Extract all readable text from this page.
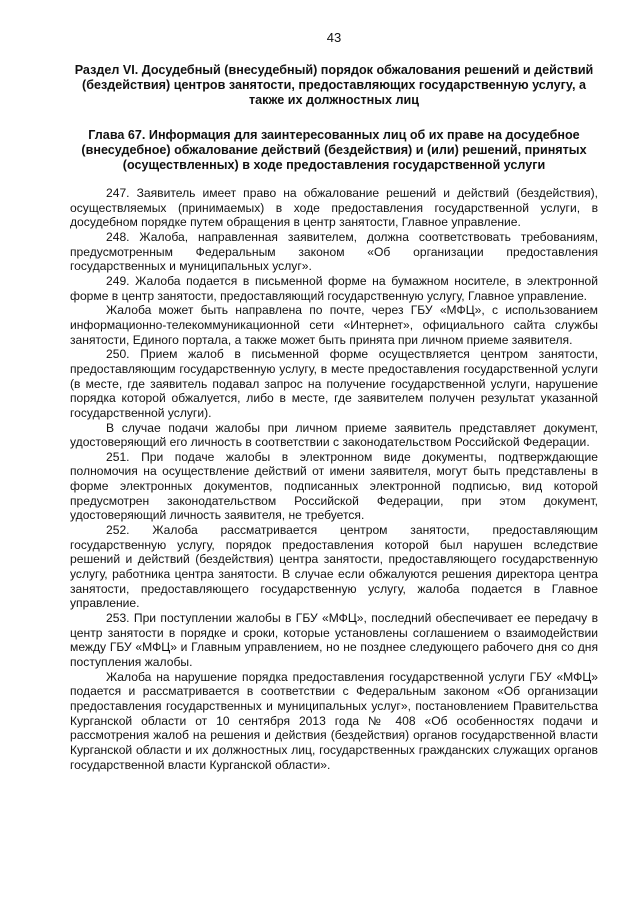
43
Раздел VI. Досудебный (внесудебный) порядок обжалования решений и действий (бездействия) центров занятости, предоставляющих государственную услугу, а также их должностных лиц
Глава 67. Информация для заинтересованных лиц об их праве на досудебное (внесудебное) обжалование действий (бездействия) и (или) решений, принятых (осуществленных) в ходе предоставления государственной услуги

247. Заявитель имеет право на обжалование решений и действий (бездействия), осуществляемых (принимаемых) в ходе предоставления государственной услуги, в досудебном порядке путем обращения в центр занятости, Главное управление.

248. Жалоба, направленная заявителем, должна соответствовать требованиям, предусмотренным Федеральным законом «Об организации предоставления государственных и муниципальных услуг».

249. Жалоба подается в письменной форме на бумажном носителе, в электронной форме в центр занятости, предоставляющий государственную услугу, Главное управление.

Жалоба может быть направлена по почте, через ГБУ «МФЦ», с использованием информационно-телекоммуникационной сети «Интернет», официального сайта службы занятости, Единого портала, а также может быть принята при личном приеме заявителя.

250. Прием жалоб в письменной форме осуществляется центром занятости, предоставляющим государственную услугу, в месте предоставления государственной услуги (в месте, где заявитель подавал запрос на получение государственной услуги, нарушение порядка которой обжалуется, либо в месте, где заявителем получен результат указанной государственной услуги).

В случае подачи жалобы при личном приеме заявитель представляет документ, удостоверяющий его личность в соответствии с законодательством Российской Федерации.

251. При подаче жалобы в электронном виде документы, подтверждающие полномочия на осуществление действий от имени заявителя, могут быть представлены в форме электронных документов, подписанных электронной подписью, вид которой предусмотрен законодательством Российской Федерации, при этом документ, удостоверяющий личность заявителя, не требуется.

252. Жалоба рассматривается центром занятости, предоставляющим государственную услугу, порядок предоставления которой был нарушен вследствие решений и действий (бездействия) центра занятости, предоставляющего государственную услугу, работника центра занятости. В случае если обжалуются решения директора центра занятости, предоставляющего государственную услугу, жалоба подается в Главное управление.

253. При поступлении жалобы в ГБУ «МФЦ», последний обеспечивает ее передачу в центр занятости в порядке и сроки, которые установлены соглашением о взаимодействии между ГБУ «МФЦ» и Главным управлением, но не позднее следующего рабочего дня со дня поступления жалобы.

Жалоба на нарушение порядка предоставления государственной услуги ГБУ «МФЦ» подается и рассматривается в соответствии с Федеральным законом «Об организации предоставления государственных и муниципальных услуг», постановлением Правительства Курганской области от 10 сентября 2013 года № 408 «Об особенностях подачи и рассмотрения жалоб на решения и действия (бездействия) органов государственной власти Курганской области и их должностных лиц, государственных гражданских служащих органов государственной власти Курганской области».
